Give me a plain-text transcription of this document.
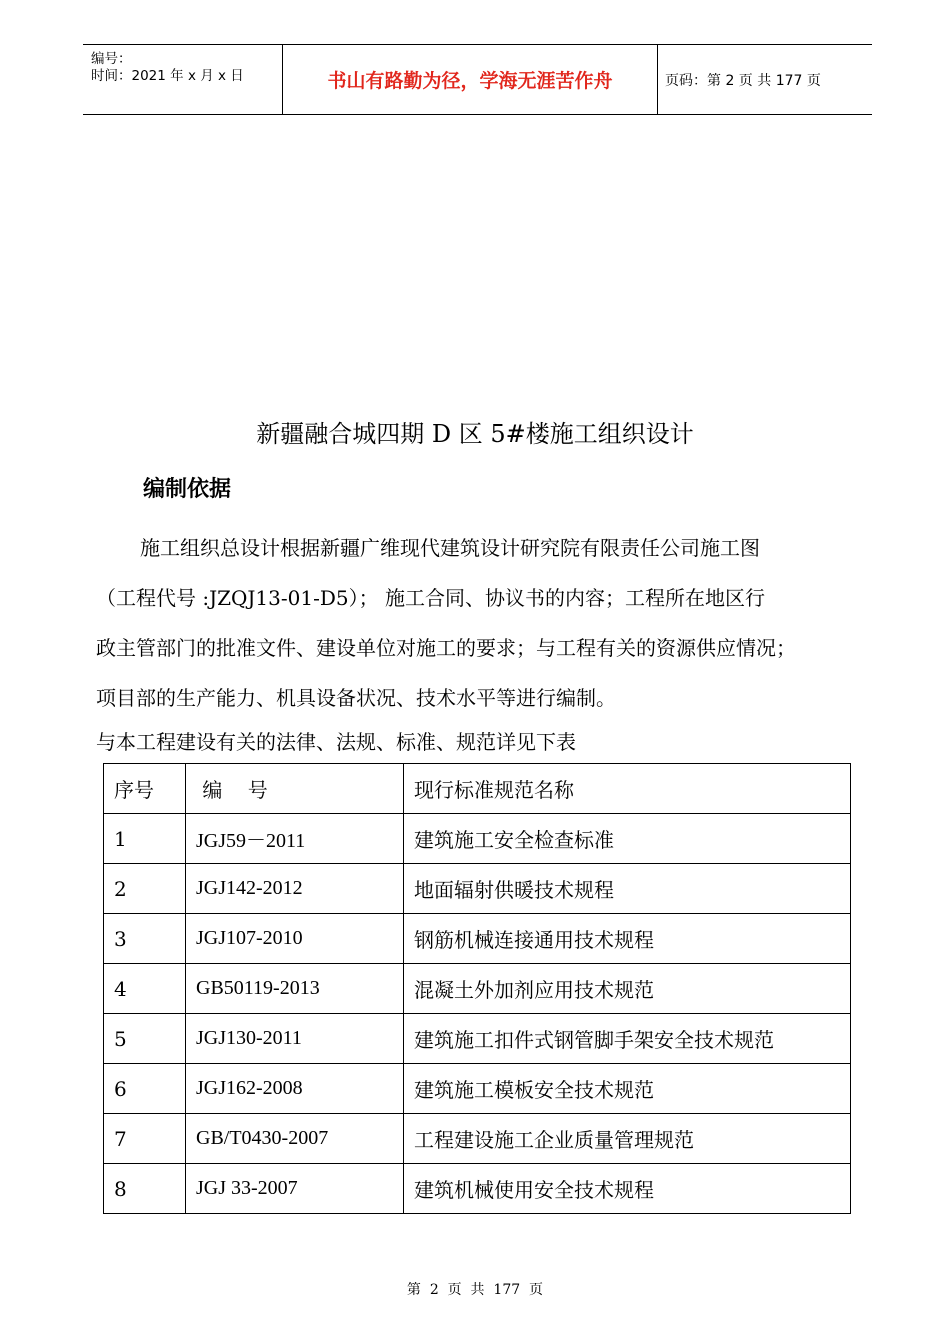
编号：
时间：2021 年 x 月 x 日	书山有路勤为径，学海无涯苦作舟	页码：第 2 页 共 177 页
新疆融合城四期 D 区 5#楼施工组织设计
编制依据
施工组织总设计根据新疆广维现代建筑设计研究院有限责任公司施工图
（工程代号 :JZQJ13-01-D5）； 施工合同、协议书的内容；工程所在地区行
政主管部门的批准文件、建设单位对施工的要求；与工程有关的资源供应情况；
项目部的生产能力、机具设备状况、技术水平等进行编制。
与本工程建设有关的法律、法规、标准、规范详见下表
序号	编    号	现行标准规范名称
1	JGJ59－2011	建筑施工安全检查标准
2	JGJ142-2012	地面辐射供暖技术规程
3	JGJ107-2010	钢筋机械连接通用技术规程
4	GB50119-2013	混凝土外加剂应用技术规范
5	JGJ130-2011	建筑施工扣件式钢管脚手架安全技术规范
6	JGJ162-2008	建筑施工模板安全技术规范
7	GB/T0430-2007	工程建设施工企业质量管理规范
8	JGJ 33-2007	建筑机械使用安全技术规程
第  2  页  共  177  页
